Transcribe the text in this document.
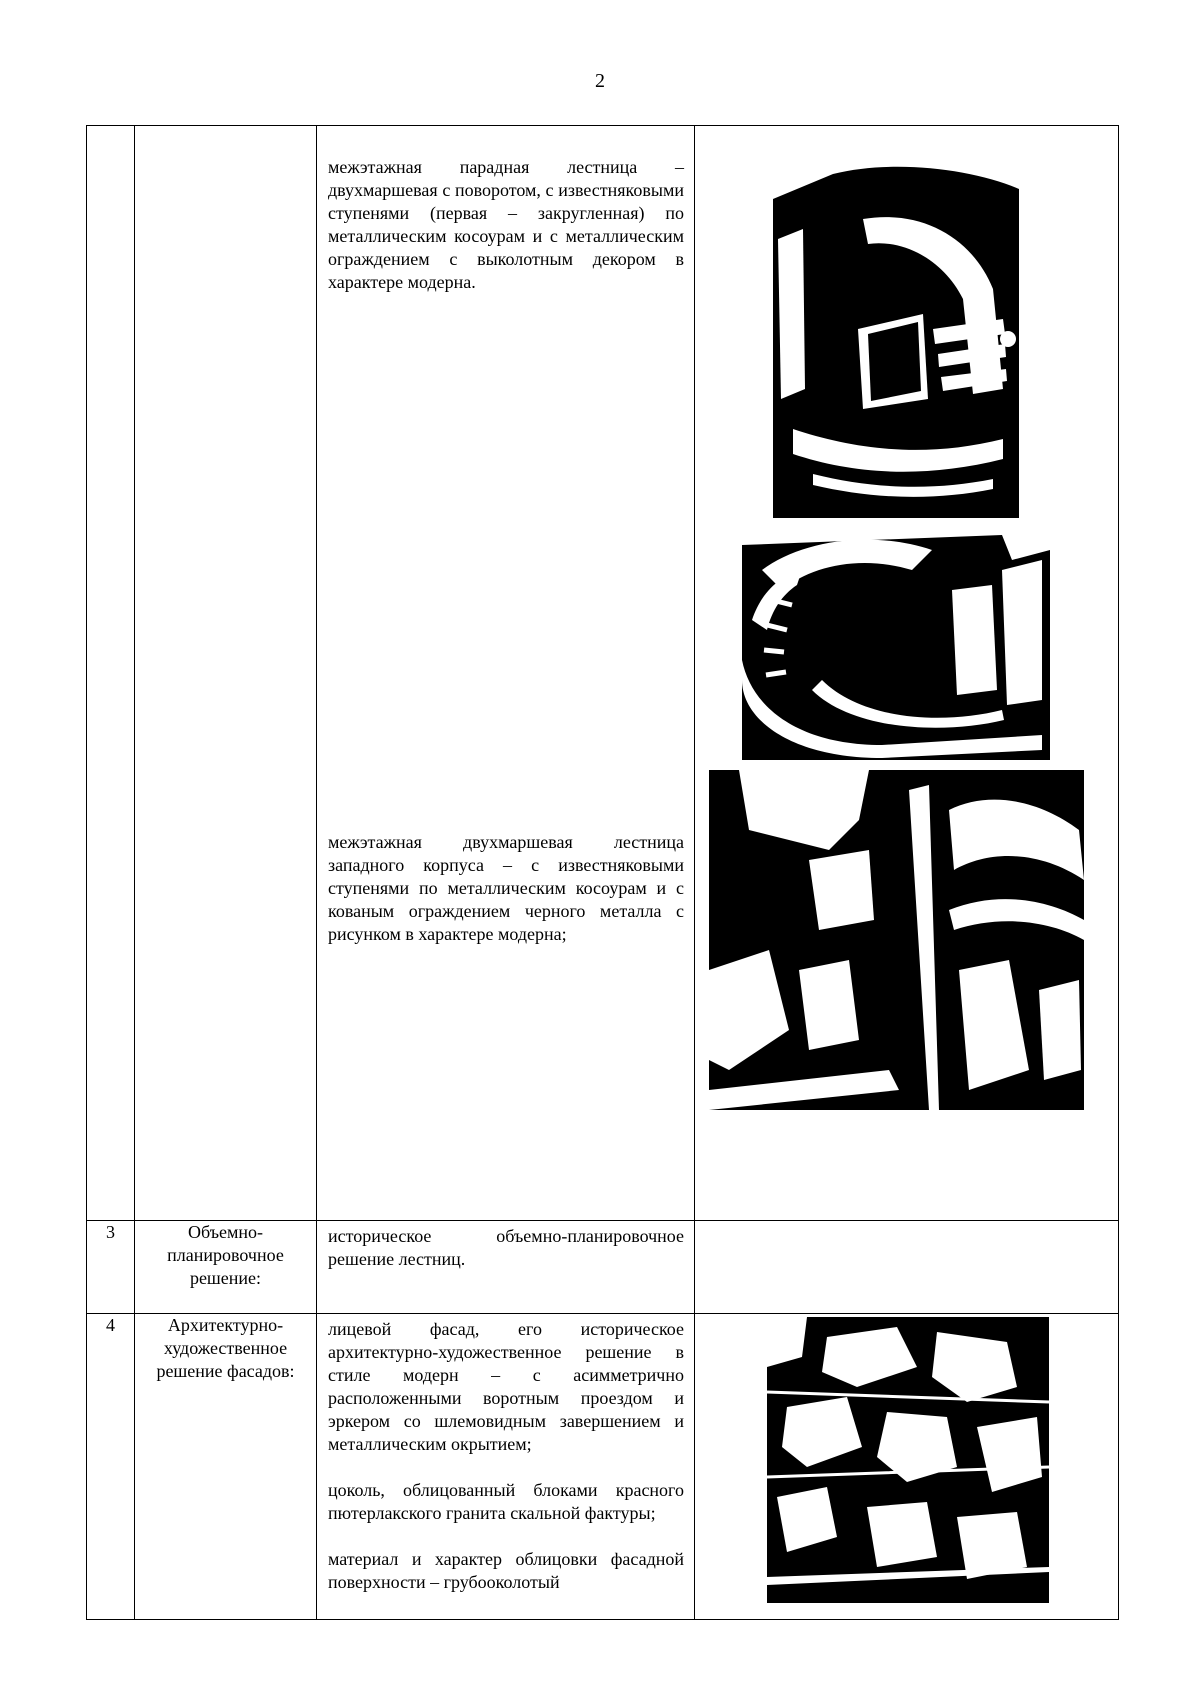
2

		межэтажная парадная лестница – двухмаршевая с поворотом, с известняковыми ступенями (первая – закругленная) по металлическим косоурам и с металлическим ограждением с выколотным декором в характере модерна.
межэтажная двухмаршевая лестница западного корпуса – с известняковыми ступенями по металлическим косоурам и с кованым ограждением черного металла с рисунком в характере модерна;

3	Объемно-планировочное решение:	историческое объемно-планировочное решение лестниц.	

4	Архитектурно-художественное решение фасадов:	лицевой фасад, его историческое архитектурно-художественное решение в стиле модерн – с асимметрично расположенными воротным проездом и эркером со шлемовидным завершением и металлическим окрытием;
цоколь, облицованный блоками красного пютерлакского гранита скальной фактуры;
материал и характер облицовки фасадной поверхности – грубооколотый
